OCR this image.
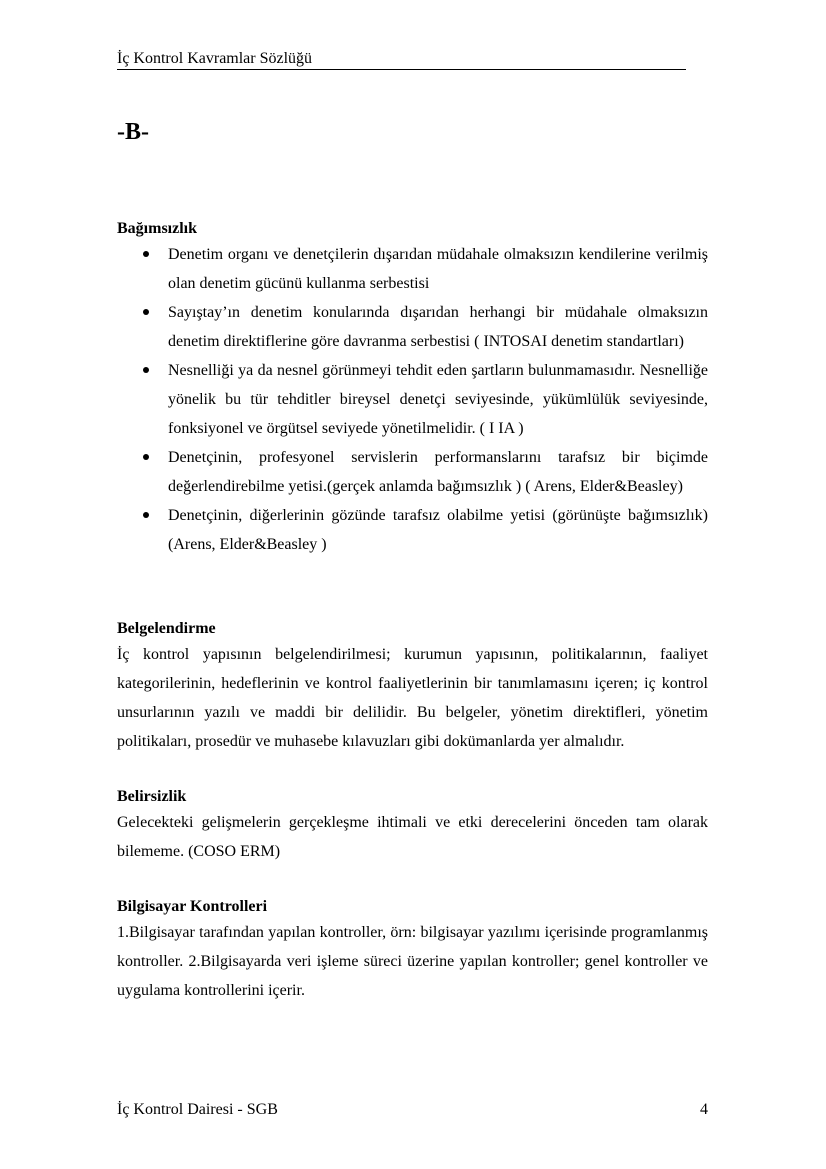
İç Kontrol Kavramlar Sözlüğü
-B-

Bağımsızlık

Denetim organı ve denetçilerin dışarıdan müdahale olmaksızın kendilerine verilmiş olan denetim gücünü kullanma serbestisi
Sayıştay’ın denetim konularında dışarıdan herhangi bir müdahale olmaksızın denetim direktiflerine göre davranma serbestisi ( INTOSAI denetim standartları)
Nesnelliği ya da nesnel görünmeyi tehdit eden şartların bulunmamasıdır. Nesnelliğe yönelik bu tür tehditler bireysel denetçi seviyesinde, yükümlülük seviyesinde, fonksiyonel ve örgütsel seviyede yönetilmelidir. ( I IA )
Denetçinin, profesyonel servislerin performanslarını tarafsız bir biçimde değerlendirebilme yetisi.(gerçek anlamda bağımsızlık ) ( Arens, Elder&Beasley)
Denetçinin, diğerlerinin gözünde tarafsız olabilme yetisi (görünüşte bağımsızlık) (Arens, Elder&Beasley )

Belgelendirme

İç kontrol yapısının belgelendirilmesi; kurumun yapısının, politikalarının, faaliyet kategorilerinin, hedeflerinin ve kontrol faaliyetlerinin bir tanımlamasını içeren; iç kontrol unsurlarının yazılı ve maddi bir delilidir. Bu belgeler, yönetim direktifleri, yönetim politikaları, prosedür ve muhasebe kılavuzları gibi dokümanlarda yer almalıdır.

Belirsizlik

Gelecekteki gelişmelerin gerçekleşme ihtimali ve etki derecelerini önceden tam olarak bilememe. (COSO ERM)

Bilgisayar Kontrolleri

1.Bilgisayar tarafından yapılan kontroller, örn: bilgisayar yazılımı içerisinde programlanmış kontroller. 2.Bilgisayarda veri işleme süreci üzerine yapılan kontroller; genel kontroller ve uygulama kontrollerini içerir.

İç Kontrol Dairesi - SGB	4
